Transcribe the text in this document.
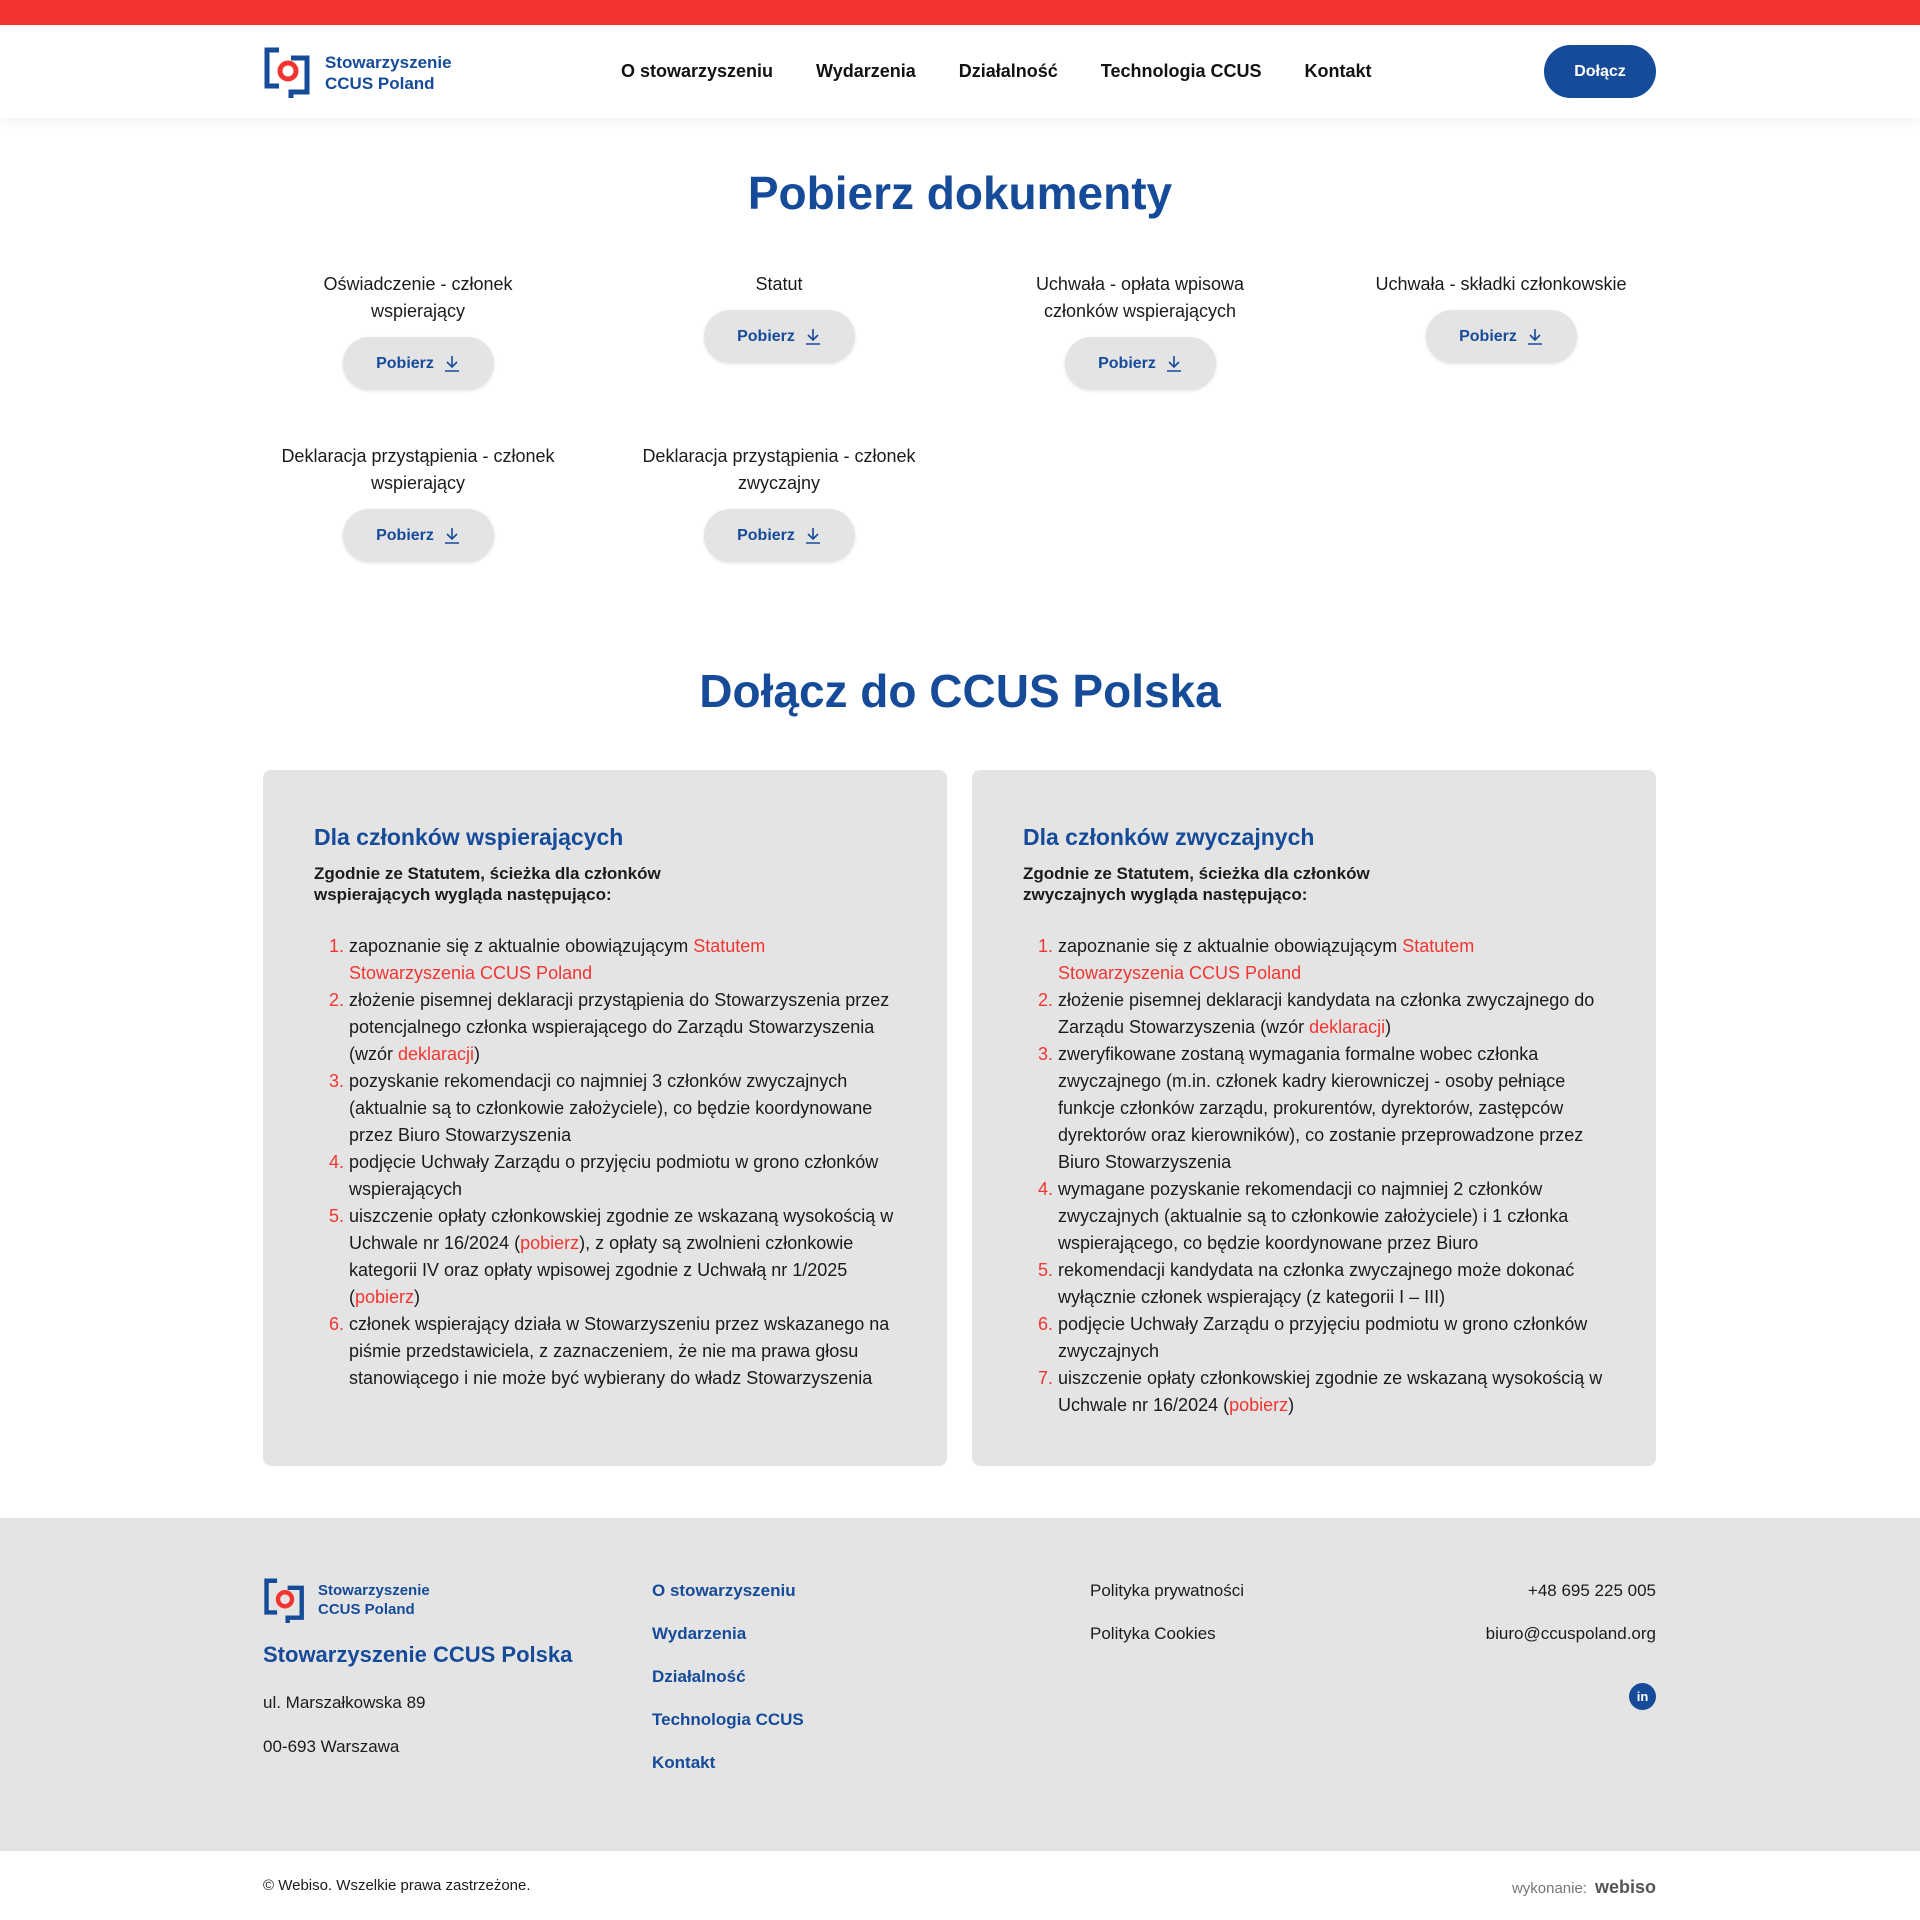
Stowarzyszenie
CCUS Poland
O stowarzyszeniu Wydarzenia Działalność Technologia CCUS Kontakt	Dołącz
Pobierz dokumenty
Oświadczenie - członek wspierający
Pobierz
Statut
Pobierz
Uchwała - opłata wpisowa członków wspierających
Pobierz
Uchwała - składki członkowskie
Pobierz
Deklaracja przystąpienia - członek wspierający
Pobierz
Deklaracja przystąpienia - członek zwyczajny
Pobierz
Dołącz do CCUS Polska
Dla członków wspierających

Zgodnie ze Statutem, ścieżka dla członków wspierających wygląda następująco:

1. zapoznanie się z aktualnie obowiązującym Statutem Stowarzyszenia CCUS Poland
2. złożenie pisemnej deklaracji przystąpienia do Stowarzyszenia przez potencjalnego członka wspierającego do Zarządu Stowarzyszenia (wzór deklaracji)
3. pozyskanie rekomendacji co najmniej 3 członków zwyczajnych (aktualnie są to członkowie założyciele), co będzie koordynowane przez Biuro Stowarzyszenia
4. podjęcie Uchwały Zarządu o przyjęciu podmiotu w grono członków wspierających
5. uiszczenie opłaty członkowskiej zgodnie ze wskazaną wysokością w Uchwale nr 16/2024 (pobierz), z opłaty są zwolnieni członkowie kategorii IV oraz opłaty wpisowej zgodnie z Uchwałą nr 1/2025 (pobierz)
6. członek wspierający działa w Stowarzyszeniu przez wskazanego na piśmie przedstawiciela, z zaznaczeniem, że nie ma prawa głosu stanowiącego i nie może być wybierany do władz Stowarzyszenia
Dla członków zwyczajnych

Zgodnie ze Statutem, ścieżka dla członków zwyczajnych wygląda następująco:

1. zapoznanie się z aktualnie obowiązującym Statutem Stowarzyszenia CCUS Poland
2. złożenie pisemnej deklaracji kandydata na członka zwyczajnego do Zarządu Stowarzyszenia (wzór deklaracji)
3. zweryfikowane zostaną wymagania formalne wobec członka zwyczajnego (m.in. członek kadry kierowniczej - osoby pełniące funkcje członków zarządu, prokurentów, dyrektorów, zastępców dyrektorów oraz kierowników), co zostanie przeprowadzone przez Biuro Stowarzyszenia
4. wymagane pozyskanie rekomendacji co najmniej 2 członków zwyczajnych (aktualnie są to członkowie założyciele) i 1 członka wspierającego, co będzie koordynowane przez Biuro
5. rekomendacji kandydata na członka zwyczajnego może dokonać wyłącznie członek wspierający (z kategorii I – III)
6. podjęcie Uchwały Zarządu o przyjęciu podmiotu w grono członków zwyczajnych
7. uiszczenie opłaty członkowskiej zgodnie ze wskazaną wysokością w Uchwale nr 16/2024 (pobierz)
Stowarzyszenie
CCUS Poland
Stowarzyszenie CCUS Polska
ul. Marszałkowska 89
00-693 Warszawa
O stowarzyszeniu
Wydarzenia
Działalność
Technologia CCUS
Kontakt
Polityka prywatności
Polityka Cookies
+48 695 225 005
biuro@ccuspoland.org
in
© Webiso. Wszelkie prawa zastrzeżone.	wykonanie: webiso
